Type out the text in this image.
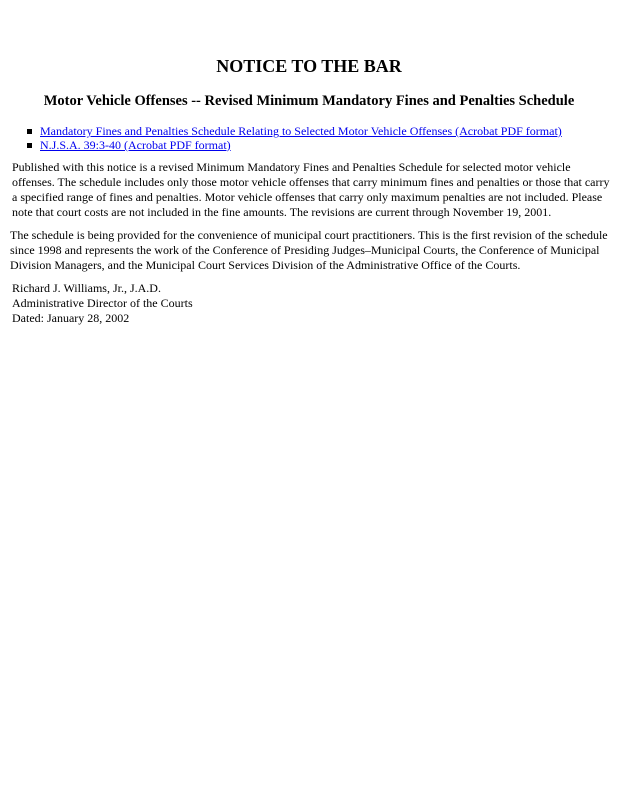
NOTICE TO THE BAR
Motor Vehicle Offenses -- Revised Minimum Mandatory Fines and Penalties Schedule
Mandatory Fines and Penalties Schedule Relating to Selected Motor Vehicle Offenses (Acrobat PDF format)
N.J.S.A. 39:3-40 (Acrobat PDF format)

Published with this notice is a revised Minimum Mandatory Fines and Penalties Schedule for selected motor vehicle offenses. The schedule includes only those motor vehicle offenses that carry minimum fines and penalties or those that carry a specified range of fines and penalties. Motor vehicle offenses that carry only maximum penalties are not included. Please note that court costs are not included in the fine amounts. The revisions are current through November 19, 2001.

The schedule is being provided for the convenience of municipal court practitioners. This is the first revision of the schedule since 1998 and represents the work of the Conference of Presiding Judges–Municipal Courts, the Conference of Municipal Division Managers, and the Municipal Court Services Division of the Administrative Office of the Courts.

Richard J. Williams, Jr., J.A.D.
Administrative Director of the Courts
Dated: January 28, 2002
